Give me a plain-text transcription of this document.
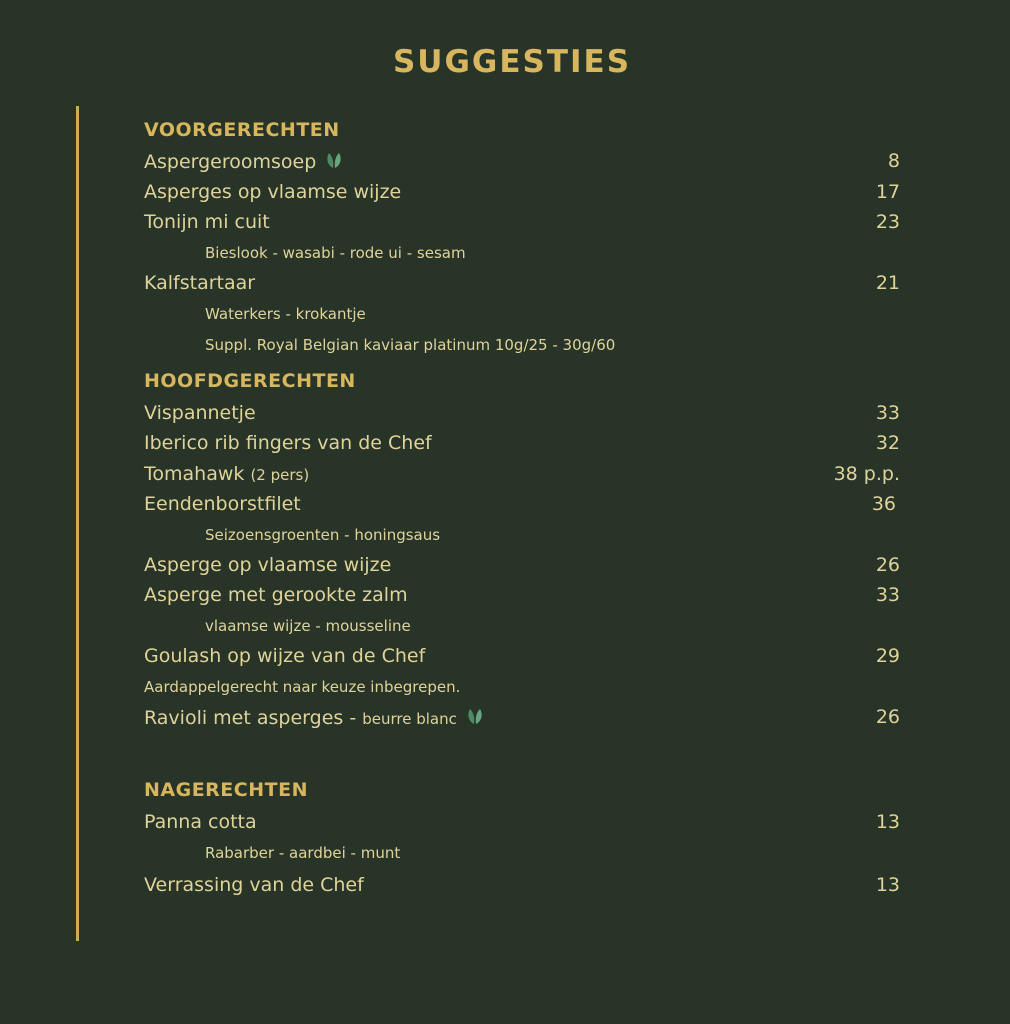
SUGGESTIES
VOORGERECHTEN
Aspergeroomsoep	8
Asperges op vlaamse wijze	17
Tonijn mi cuit	23
Bieslook - wasabi - rode ui - sesam
Kalfstartaar	21
Waterkers - krokantje
Suppl. Royal Belgian kaviaar platinum 10g/25 - 30g/60
HOOFDGERECHTEN
Vispannetje	33
Iberico rib fingers van de Chef	32
Tomahawk (2 pers)	38 p.p.
Eendenborstfilet	36
Seizoensgroenten - honingsaus
Asperge op vlaamse wijze	26
Asperge met gerookte zalm	33
vlaamse wijze - mousseline
Goulash op wijze van de Chef	29
Aardappelgerecht naar keuze inbegrepen.
Ravioli met asperges - beurre blanc	26
NAGERECHTEN
Panna cotta	13
Rabarber - aardbei - munt
Verrassing van de Chef	13
